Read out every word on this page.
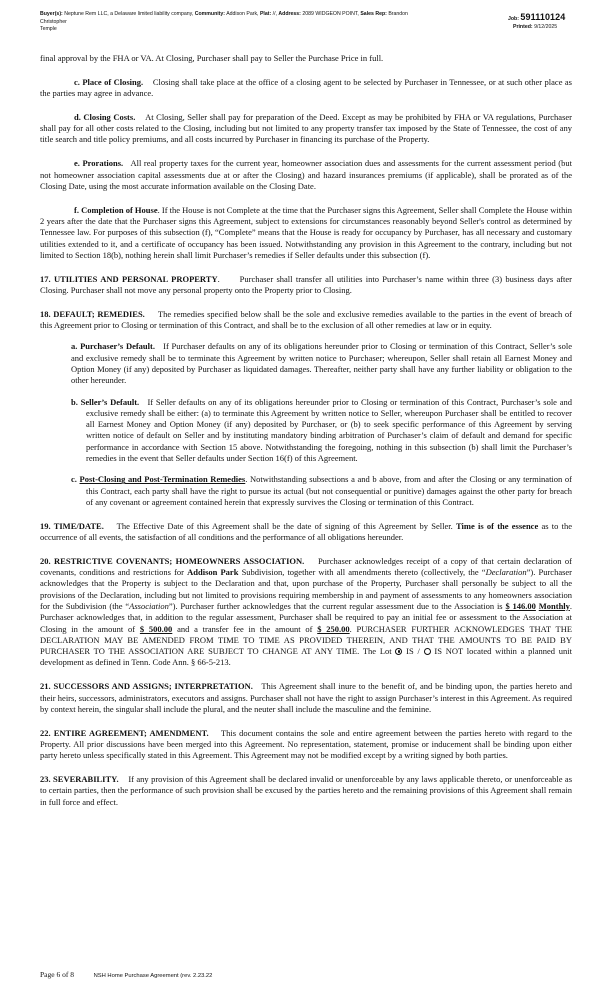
Buyer(s): Neptune Rem LLC, a Delaware limited liability company, Community: Addison Park, Plat: //, Address: 2089 WIDGEON POINT, Sales Rep: Brandon Christopher
Temple
Job: 591110124
Printed: 9/12/2025

final approval by the FHA or VA. At Closing, Purchaser shall pay to Seller the Purchase Price in full.

c. Place of Closing. Closing shall take place at the office of a closing agent to be selected by Purchaser in Tennessee, or at such other place as the parties may agree in advance.

d. Closing Costs. At Closing, Seller shall pay for preparation of the Deed. Except as may be prohibited by FHA or VA regulations, Purchaser shall pay for all other costs related to the Closing, including but not limited to any property transfer tax imposed by the State of Tennessee, the cost of any title search and title policy premiums, and all costs incurred by Purchaser in financing its purchase of the Property.

e. Prorations. All real property taxes for the current year, homeowner association dues and assessments for the current assessment period (but not homeowner association capital assessments due at or after the Closing) and hazard insurances premiums (if applicable), shall be prorated as of the Closing Date, using the most accurate information available on the Closing Date.

f. Completion of House. If the House is not Complete at the time that the Purchaser signs this Agreement, Seller shall Complete the House within 2 years after the date that the Purchaser signs this Agreement, subject to extensions for circumstances reasonably beyond Seller's control as determined by Tennessee law. For purposes of this subsection (f), “Complete” means that the House is ready for occupancy by Purchaser, has all necessary and customary utilities extended to it, and a certificate of occupancy has been issued. Notwithstanding any provision in this Agreement to the contrary, including but not limited to Section 18(b), nothing herein shall limit Purchaser’s remedies if Seller defaults under this subsection (f).

17. UTILITIES AND PERSONAL PROPERTY.      Purchaser shall transfer all utilities into Purchaser’s name within three (3) business days after Closing. Purchaser shall not move any personal property onto the Property prior to Closing.

18. DEFAULT; REMEDIES. The remedies specified below shall be the sole and exclusive remedies available to the parties in the event of breach of this Agreement prior to Closing or termination of this Contract, and shall be to the exclusion of all other remedies at law or in equity.

a. Purchaser’s Default. If Purchaser defaults on any of its obligations hereunder prior to Closing or termination of this Contract, Seller’s sole and exclusive remedy shall be to terminate this Agreement by written notice to Purchaser; whereupon, Seller shall retain all Earnest Money and Option Money (if any) deposited by Purchaser as liquidated damages. Thereafter, neither party shall have any further liability or obligation to the other hereunder.

b. Seller’s Default. If Seller defaults on any of its obligations hereunder prior to Closing or termination of this Contract, Purchaser’s sole and exclusive remedy shall be either: (a) to terminate this Agreement by written notice to Seller, whereupon Purchaser shall be entitled to recover all Earnest Money and Option Money (if any) deposited by Purchaser, or (b) to seek specific performance of this Agreement by serving written notice of default on Seller and by instituting mandatory binding arbitration of Purchaser’s claim of default and demand for specific performance in accordance with Section 15 above. Notwithstanding the foregoing, nothing in this subsection (b) shall limit the Purchaser’s remedies in the event that Seller defaults under Section 16(f) of this Agreement.

c. Post-Closing and Post-Termination Remedies. Notwithstanding subsections a and b above, from and after the Closing or any termination of this Contract, each party shall have the right to pursue its actual (but not consequential or punitive) damages against the other party for breach of any covenant or agreement contained herein that expressly survives the Closing or termination of this Contract.

19. TIME/DATE. The Effective Date of this Agreement shall be the date of signing of this Agreement by Seller. Time is of the essence as to the occurrence of all events, the satisfaction of all conditions and the performance of all obligations hereunder.

20. RESTRICTIVE COVENANTS; HOMEOWNERS ASSOCIATION. Purchaser acknowledges receipt of a copy of that certain declaration of covenants, conditions and restrictions for Addison Park Subdivision, together with all amendments thereto (collectively, the “Declaration”). Purchaser acknowledges that the Property is subject to the Declaration and that, upon purchase of the Property, Purchaser shall personally be subject to all the provisions of the Declaration, including but not limited to provisions requiring membership in and payment of assessments to any homeowners association for the Subdivision (the “Association”). Purchaser further acknowledges that the current regular assessment due to the Association is $ 146.00 Monthly. Purchaser acknowledges that, in addition to the regular assessment, Purchaser shall be required to pay an initial fee or assessment to the Association at Closing in the amount of $ 500.00 and a transfer fee in the amount of $ 250.00. PURCHASER FURTHER ACKNOWLEDGES THAT THE DECLARATION MAY BE AMENDED FROM TIME TO TIME AS PROVIDED THEREIN, AND THAT THE AMOUNTS TO BE PAID BY PURCHASER TO THE ASSOCIATION ARE SUBJECT TO CHANGE AT ANY TIME. The Lot IS / IS NOT located within a planned unit development as defined in Tenn. Code Ann. § 66-5-213.

21. SUCCESSORS AND ASSIGNS; INTERPRETATION. This Agreement shall inure to the benefit of, and be binding upon, the parties hereto and their heirs, successors, administrators, executors and assigns. Purchaser shall not have the right to assign Purchaser’s interest in this Agreement. As required by context herein, the singular shall include the plural, and the neuter shall include the masculine and the feminine.

22. ENTIRE AGREEMENT; AMENDMENT. This document contains the sole and entire agreement between the parties hereto with regard to the Property. All prior discussions have been merged into this Agreement. No representation, statement, promise or inducement shall be binding upon either party hereto unless specifically stated in this Agreement. This Agreement may not be modified except by a writing signed by both parties.

23. SEVERABILITY. If any provision of this Agreement shall be declared invalid or unenforceable by any laws applicable thereto, or unenforceable as to certain parties, then the performance of such provision shall be excused by the parties hereto and the remaining provisions of this Agreement shall remain in full force and effect.

Page 6 of 8	NSH Home Purchase Agreement (rev. 2.23.22
